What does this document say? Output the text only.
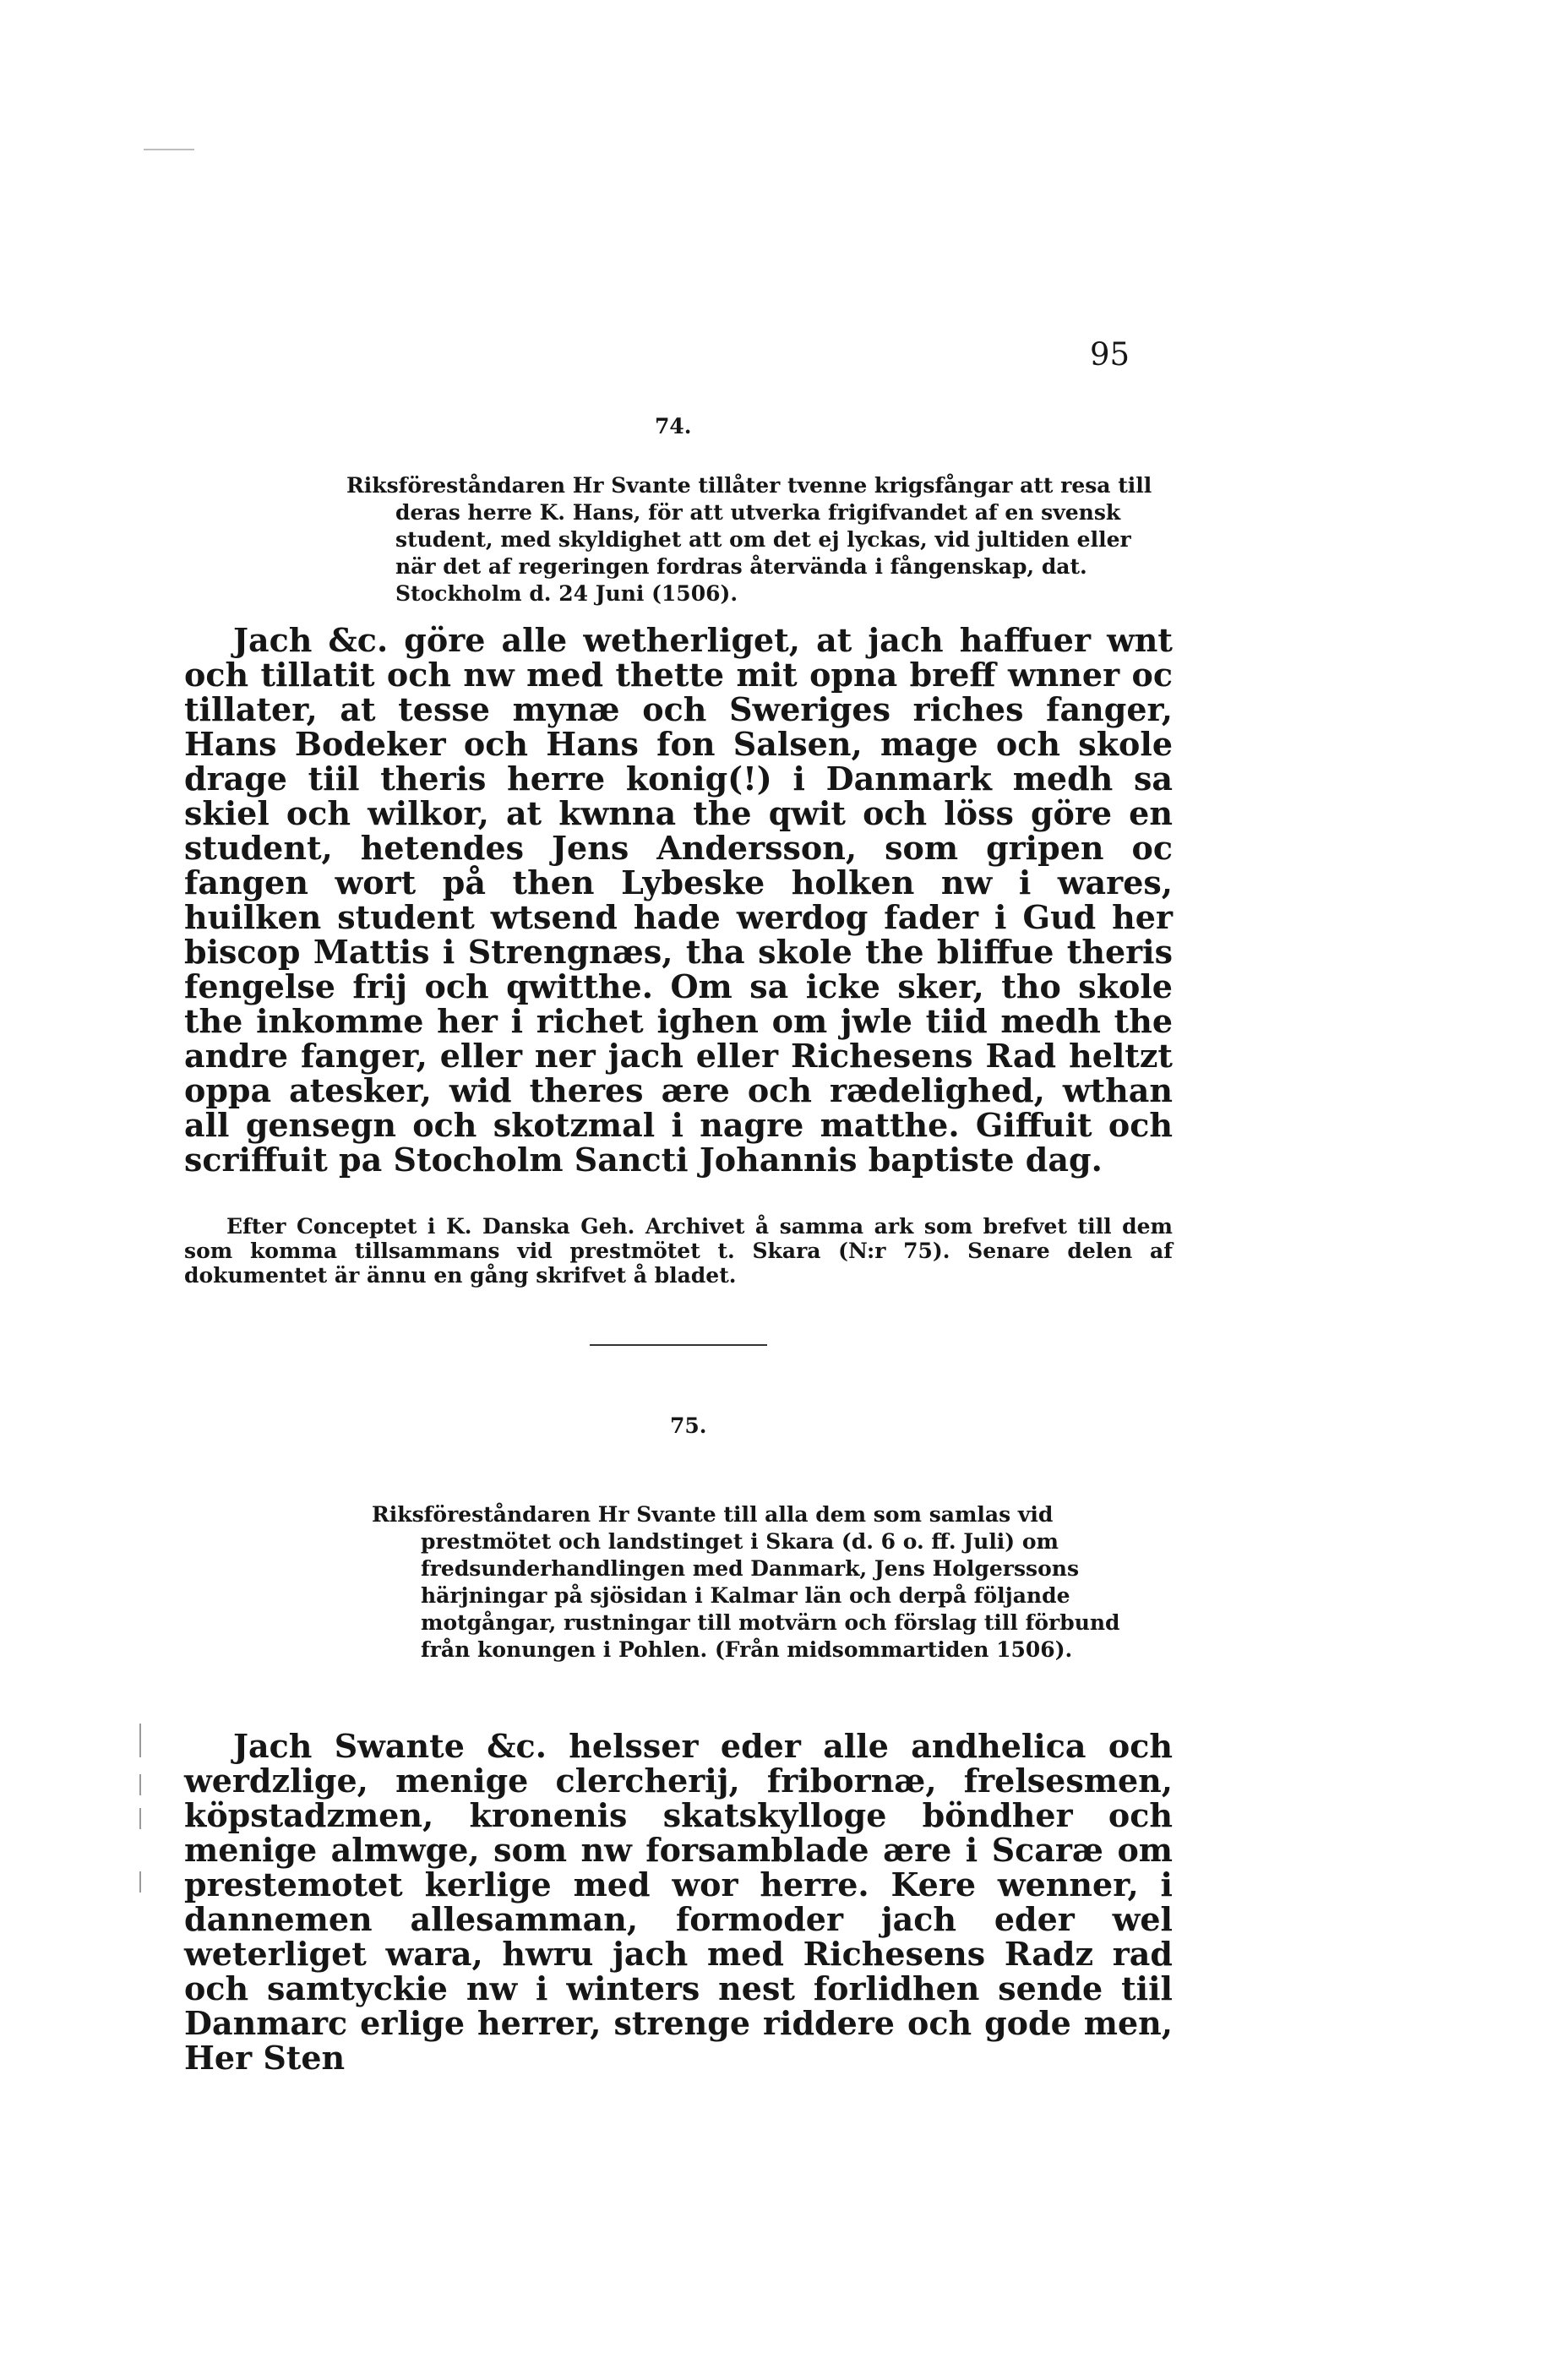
95
74.

Riksföreståndaren Hr Svante tillåter tvenne krigsfångar att resa till deras herre K. Hans, för att utverka frigifvandet af en svensk student, med skyldighet att om det ej lyckas, vid jultiden eller när det af regeringen fordras återvända i fångenskap, dat. Stockholm d. 24 Juni (1506).

Jach &c. göre alle wetherliget, at jach haffuer wnt och tillatit och nw med thette mit opna breff wnner oc tillater, at tesse mynæ och Sweriges riches fanger, Hans Bodeker och Hans fon Salsen, mage och skole drage tiil theris herre konig(!) i Danmark medh sa skiel och wilkor, at kwnna the qwit och löss göre en student, hetendes Jens Andersson, som gripen oc fangen wort på then Lybeske holken nw i wares, huilken student wtsend hade werdog fader i Gud her biscop Mattis i Strengnæs, tha skole the bliffue theris fengelse frij och qwitthe. Om sa icke sker, tho skole the inkomme her i richet ighen om jwle tiid medh the andre fanger, eller ner jach eller Richesens Rad heltzt oppa atesker, wid theres ære och rædelighed, wthan all gensegn och skotzmal i nagre matthe. Giffuit och scriffuit pa Stocholm Sancti Johannis baptiste dag.

Efter Conceptet i K. Danska Geh. Archivet å samma ark som brefvet till dem som komma tillsammans vid prestmötet t. Skara (N:r 75). Senare delen af dokumentet är ännu en gång skrifvet å bladet.

75.

Riksföreståndaren Hr Svante till alla dem som samlas vid prestmötet och landstinget i Skara (d. 6 o. ff. Juli) om fredsunderhandlingen med Danmark, Jens Holgerssons härjningar på sjösidan i Kalmar län och derpå följande motgångar, rustningar till motvärn och förslag till förbund från konungen i Pohlen. (Från midsommartiden 1506).

Jach Swante &c. helsser eder alle andhelica och werdzlige, menige clercherij, fribornæ, frelsesmen, köpstadzmen, kronenis skatskylloge böndher och menige almwge, som nw forsamblade ære i Scaræ om prestemotet kerlige med wor herre. Kere wenner, i dannemen allesamman, formoder jach eder wel weterliget wara, hwru jach med Richesens Radz rad och samtyckie nw i winters nest forlidhen sende tiil Danmarc erlige herrer, strenge riddere och gode men, Her Sten
